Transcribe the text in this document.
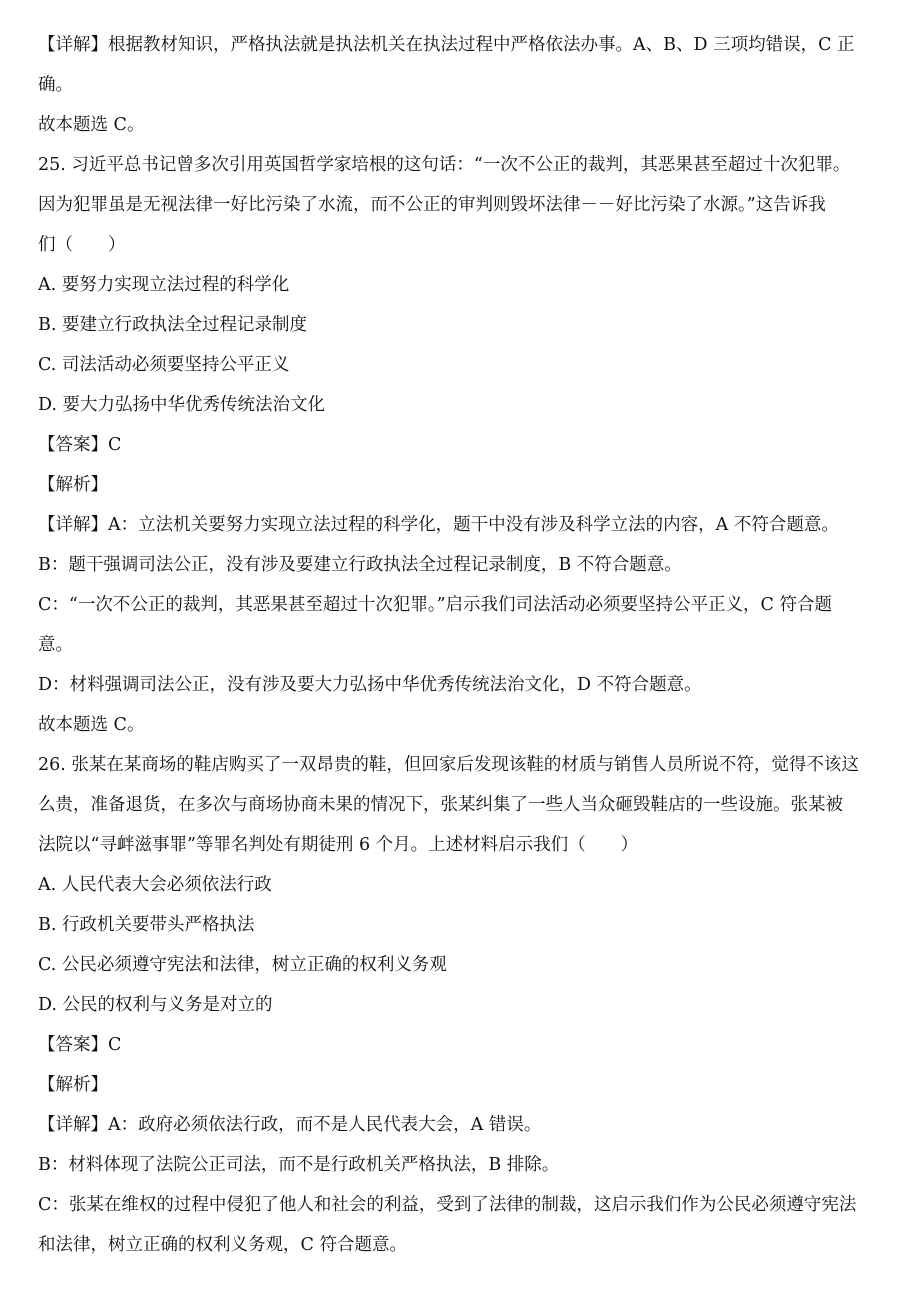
【详解】根据教材知识，严格执法就是执法机关在执法过程中严格依法办事。A、B、D 三项均错误，C 正
确。
故本题选 C。
25. 习近平总书记曾多次引用英国哲学家培根的这句话：“一次不公正的裁判，其恶果甚至超过十次犯罪。
因为犯罪虽是无视法律一好比污染了水流，而不公正的审判则毁坏法律－－好比污染了水源。”这告诉我
们（　　）
A. 要努力实现立法过程的科学化
B. 要建立行政执法全过程记录制度
C. 司法活动必须要坚持公平正义
D. 要大力弘扬中华优秀传统法治文化
【答案】C
【解析】
【详解】A：立法机关要努力实现立法过程的科学化，题干中没有涉及科学立法的内容，A 不符合题意。
B：题干强调司法公正，没有涉及要建立行政执法全过程记录制度，B 不符合题意。
C：“一次不公正的裁判，其恶果甚至超过十次犯罪。”启示我们司法活动必须要坚持公平正义，C 符合题
意。
D：材料强调司法公正，没有涉及要大力弘扬中华优秀传统法治文化，D 不符合题意。
故本题选 C。
26. 张某在某商场的鞋店购买了一双昂贵的鞋，但回家后发现该鞋的材质与销售人员所说不符，觉得不该这
么贵，准备退货，在多次与商场协商未果的情况下，张某纠集了一些人当众砸毁鞋店的一些设施。张某被
法院以“寻衅滋事罪”等罪名判处有期徒刑 6 个月。上述材料启示我们（　　）
A. 人民代表大会必须依法行政
B. 行政机关要带头严格执法
C. 公民必须遵守宪法和法律，树立正确的权利义务观
D. 公民的权利与义务是对立的
【答案】C
【解析】
【详解】A：政府必须依法行政，而不是人民代表大会，A 错误。
B：材料体现了法院公正司法，而不是行政机关严格执法，B 排除。
C：张某在维权的过程中侵犯了他人和社会的利益，受到了法律的制裁，这启示我们作为公民必须遵守宪法
和法律，树立正确的权利义务观，C 符合题意。
